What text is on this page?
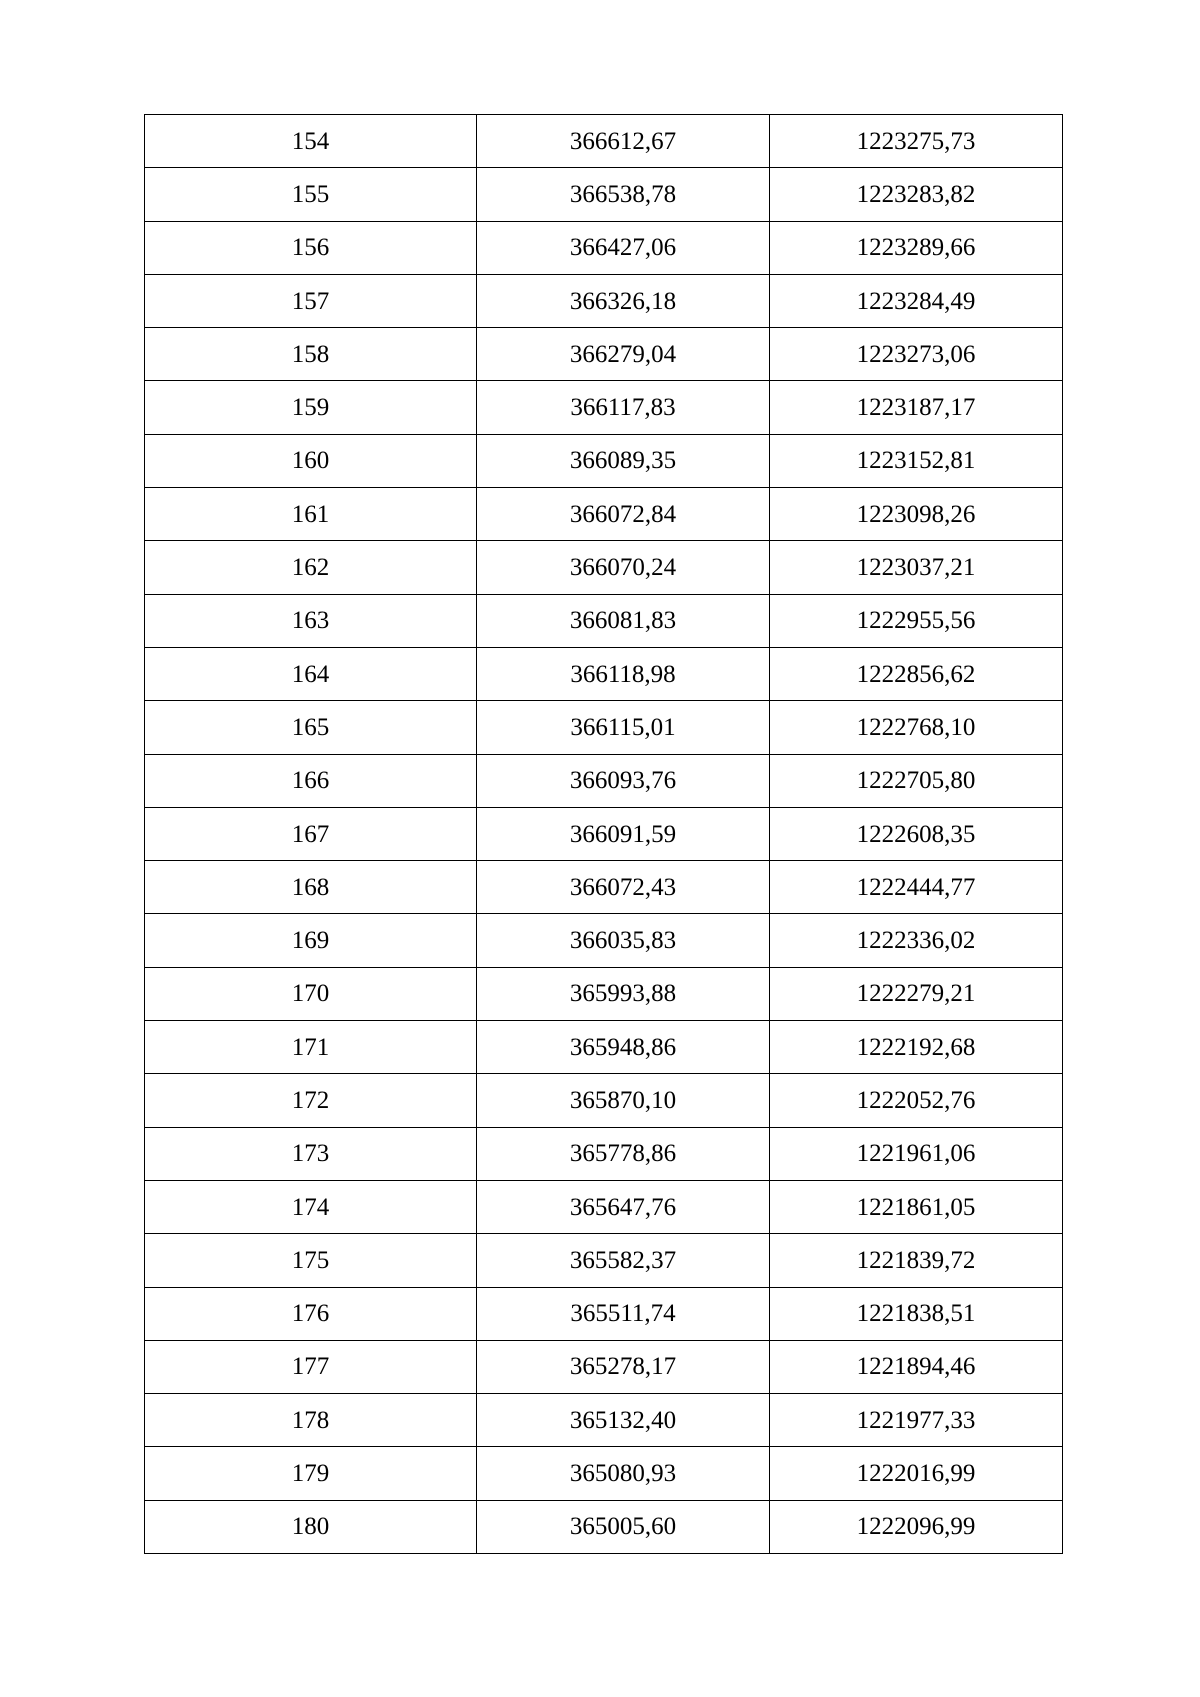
154	366612,67	1223275,73
155	366538,78	1223283,82
156	366427,06	1223289,66
157	366326,18	1223284,49
158	366279,04	1223273,06
159	366117,83	1223187,17
160	366089,35	1223152,81
161	366072,84	1223098,26
162	366070,24	1223037,21
163	366081,83	1222955,56
164	366118,98	1222856,62
165	366115,01	1222768,10
166	366093,76	1222705,80
167	366091,59	1222608,35
168	366072,43	1222444,77
169	366035,83	1222336,02
170	365993,88	1222279,21
171	365948,86	1222192,68
172	365870,10	1222052,76
173	365778,86	1221961,06
174	365647,76	1221861,05
175	365582,37	1221839,72
176	365511,74	1221838,51
177	365278,17	1221894,46
178	365132,40	1221977,33
179	365080,93	1222016,99
180	365005,60	1222096,99
